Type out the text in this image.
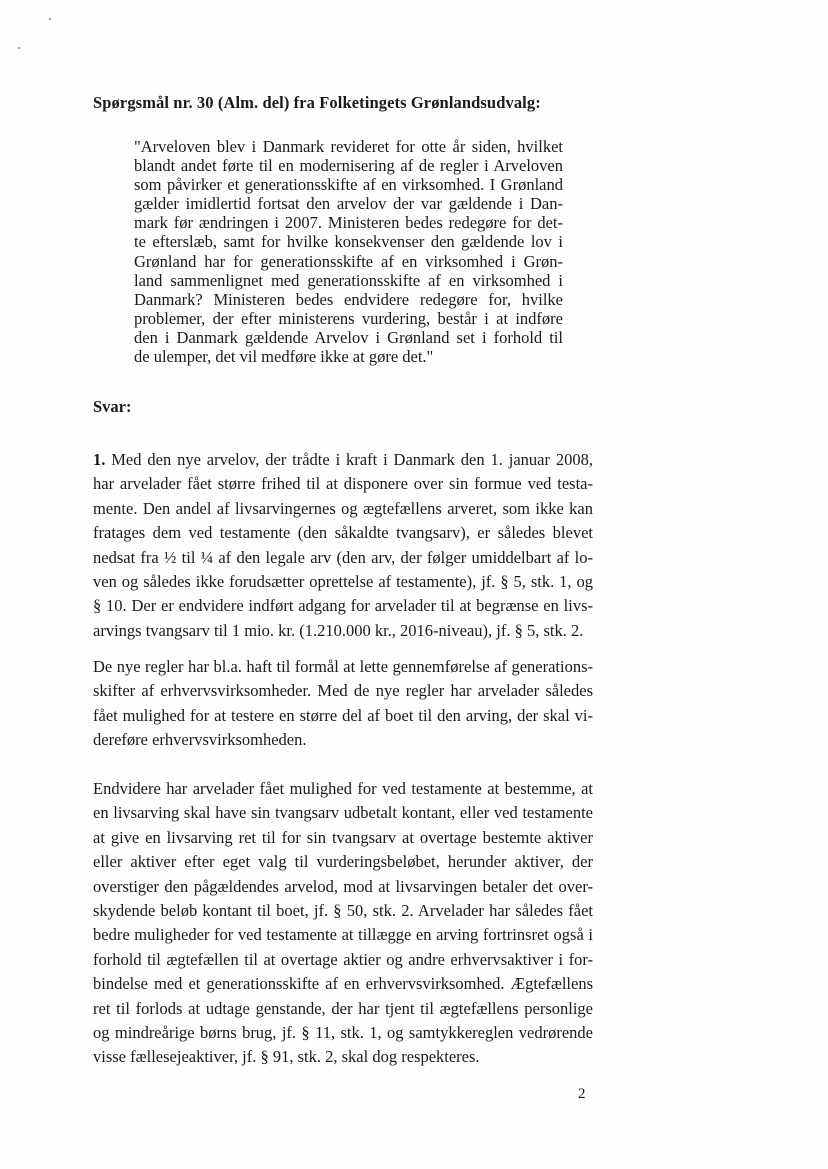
Spørgsmål nr. 30 (Alm. del) fra Folketingets Grønlandsudvalg:
"Arveloven blev i Danmark revideret for otte år siden, hvilket
blandt andet førte til en modernisering af de regler i Arveloven
som påvirker et generationsskifte af en virksomhed. I Grønland
gælder imidlertid fortsat den arvelov der var gældende i Dan-
mark før ændringen i 2007. Ministeren bedes redegøre for det-
te efterslæb, samt for hvilke konsekvenser den gældende lov i
Grønland har for generationsskifte af en virksomhed i Grøn-
land sammenlignet med generationsskifte af en virksomhed i
Danmark? Ministeren bedes endvidere redegøre for, hvilke
problemer, der efter ministerens vurdering, består i at indføre
den i Danmark gældende Arvelov i Grønland set i forhold til
de ulemper, det vil medføre ikke at gøre det."
Svar:
1. Med den nye arvelov, der trådte i kraft i Danmark den 1. januar 2008,
har arvelader fået større frihed til at disponere over sin formue ved testa-
mente. Den andel af livsarvingernes og ægtefællens arveret, som ikke kan
fratages dem ved testamente (den såkaldte tvangsarv), er således blevet
nedsat fra ½ til ¼ af den legale arv (den arv, der følger umiddelbart af lo-
ven og således ikke forudsætter oprettelse af testamente), jf. § 5, stk. 1, og
§ 10. Der er endvidere indført adgang for arvelader til at begrænse en livs-
arvings tvangsarv til 1 mio. kr. (1.210.000 kr., 2016-niveau), jf. § 5, stk. 2.
De nye regler har bl.a. haft til formål at lette gennemførelse af generations-
skifter af erhvervsvirksomheder. Med de nye regler har arvelader således
fået mulighed for at testere en større del af boet til den arving, der skal vi-
dereføre erhvervsvirksomheden.
Endvidere har arvelader fået mulighed for ved testamente at bestemme, at
en livsarving skal have sin tvangsarv udbetalt kontant, eller ved testamente
at give en livsarving ret til for sin tvangsarv at overtage bestemte aktiver
eller aktiver efter eget valg til vurderingsbeløbet, herunder aktiver, der
overstiger den pågældendes arvelod, mod at livsarvingen betaler det over-
skydende beløb kontant til boet, jf. § 50, stk. 2. Arvelader har således fået
bedre muligheder for ved testamente at tillægge en arving fortrinsret også i
forhold til ægtefællen til at overtage aktier og andre erhvervsaktiver i for-
bindelse med et generationsskifte af en erhvervsvirksomhed. Ægtefællens
ret til forlods at udtage genstande, der har tjent til ægtefællens personlige
og mindreårige børns brug, jf. § 11, stk. 1, og samtykkereglen vedrørende
visse fællesejeaktiver, jf. § 91, stk. 2, skal dog respekteres.
2
